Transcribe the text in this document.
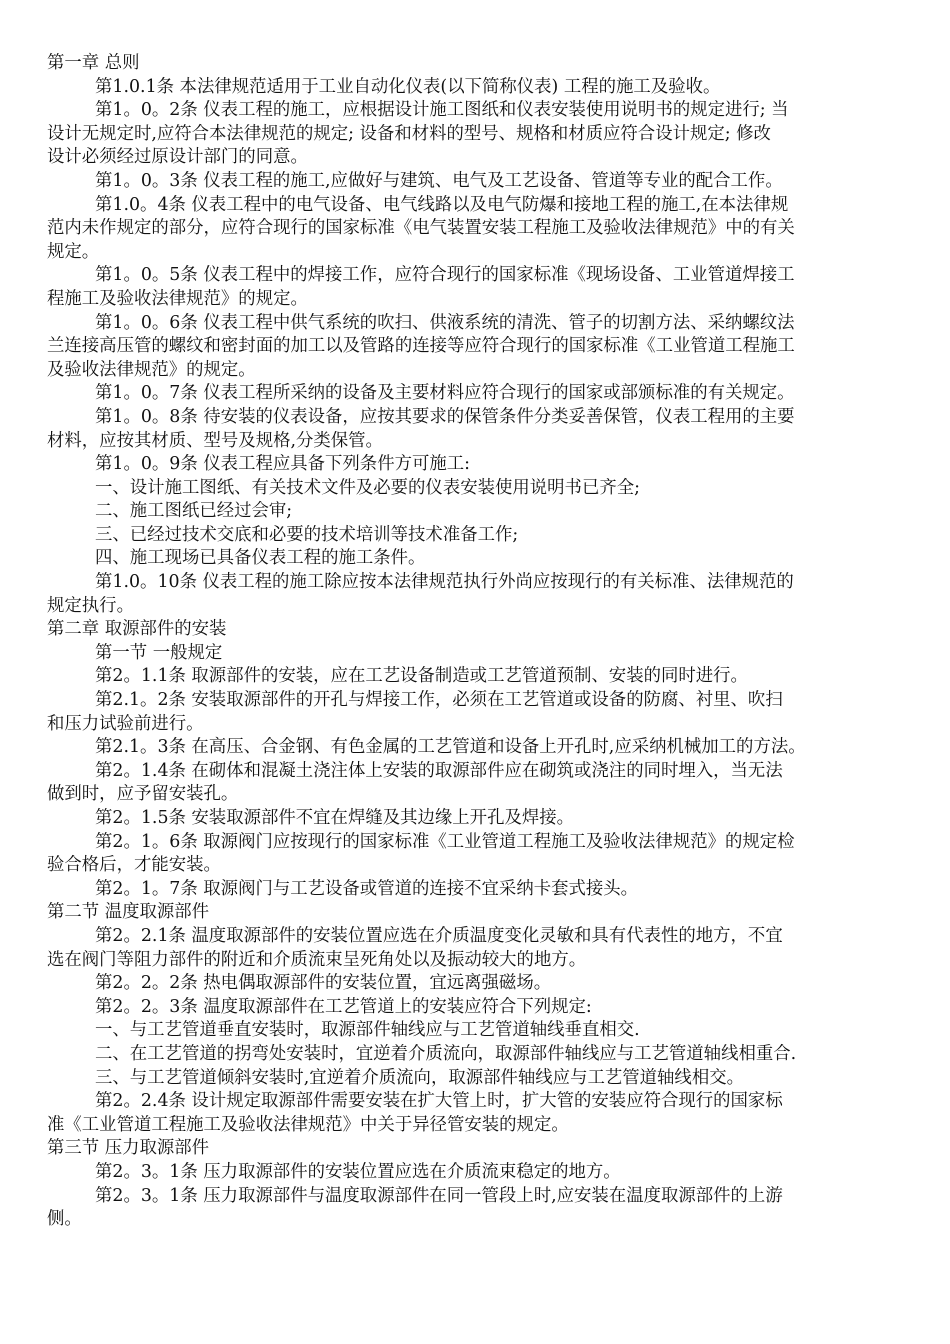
第一章 总则
第1.0.1条 本法律规范适用于工业自动化仪表(以下简称仪表) 工程的施工及验收。
第1。0。2条 仪表工程的施工，应根据设计施工图纸和仪表安装使用说明书的规定进行; 当
设计无规定时,应符合本法律规范的规定; 设备和材料的型号、规格和材质应符合设计规定; 修改
设计必须经过原设计部门的同意。
第1。0。3条 仪表工程的施工,应做好与建筑、电气及工艺设备、管道等专业的配合工作。
第1.0。4条 仪表工程中的电气设备、电气线路以及电气防爆和接地工程的施工,在本法律规
范内未作规定的部分，应符合现行的国家标准《电气装置安装工程施工及验收法律规范》中的有关
规定。
第1。0。5条 仪表工程中的焊接工作，应符合现行的国家标准《现场设备、工业管道焊接工
程施工及验收法律规范》的规定。
第1。0。6条 仪表工程中供气系统的吹扫、供液系统的清洗、管子的切割方法、采纳螺纹法
兰连接高压管的螺纹和密封面的加工以及管路的连接等应符合现行的国家标准《工业管道工程施工
及验收法律规范》的规定。
第1。0。7条 仪表工程所采纳的设备及主要材料应符合现行的国家或部颁标准的有关规定。
第1。0。8条 待安装的仪表设备，应按其要求的保管条件分类妥善保管，仪表工程用的主要
材料，应按其材质、型号及规格,分类保管。
第1。0。9条 仪表工程应具备下列条件方可施工:
一、设计施工图纸、有关技术文件及必要的仪表安装使用说明书已齐全;
二、施工图纸已经过会审;
三、已经过技术交底和必要的技术培训等技术准备工作;
四、施工现场已具备仪表工程的施工条件。
第1.0。10条 仪表工程的施工除应按本法律规范执行外尚应按现行的有关标准、法律规范的
规定执行。
第二章 取源部件的安装
第一节 一般规定
第2。1.1条 取源部件的安装，应在工艺设备制造或工艺管道预制、安装的同时进行。
第2.1。2条 安装取源部件的开孔与焊接工作，必须在工艺管道或设备的防腐、衬里、吹扫
和压力试验前进行。
第2.1。3条 在高压、合金钢、有色金属的工艺管道和设备上开孔时,应采纳机械加工的方法。
第2。1.4条 在砌体和混凝土浇注体上安装的取源部件应在砌筑或浇注的同时埋入，当无法
做到时，应予留安装孔。
第2。1.5条 安装取源部件不宜在焊缝及其边缘上开孔及焊接。
第2。1。6条 取源阀门应按现行的国家标准《工业管道工程施工及验收法律规范》的规定检
验合格后，才能安装。
第2。1。7条 取源阀门与工艺设备或管道的连接不宜采纳卡套式接头。
第二节 温度取源部件
第2。2.1条 温度取源部件的安装位置应选在介质温度变化灵敏和具有代表性的地方，不宜
选在阀门等阻力部件的附近和介质流束呈死角处以及振动较大的地方。
第2。2。2条 热电偶取源部件的安装位置，宜远离强磁场。
第2。2。3条 温度取源部件在工艺管道上的安装应符合下列规定:
一、与工艺管道垂直安装时，取源部件轴线应与工艺管道轴线垂直相交.
二、在工艺管道的拐弯处安装时，宜逆着介质流向，取源部件轴线应与工艺管道轴线相重合.
三、与工艺管道倾斜安装时,宜逆着介质流向，取源部件轴线应与工艺管道轴线相交。
第2。2.4条 设计规定取源部件需要安装在扩大管上时，扩大管的安装应符合现行的国家标
准《工业管道工程施工及验收法律规范》中关于异径管安装的规定。
第三节 压力取源部件
第2。3。1条 压力取源部件的安装位置应选在介质流束稳定的地方。
第2。3。1条 压力取源部件与温度取源部件在同一管段上时,应安装在温度取源部件的上游
侧。
